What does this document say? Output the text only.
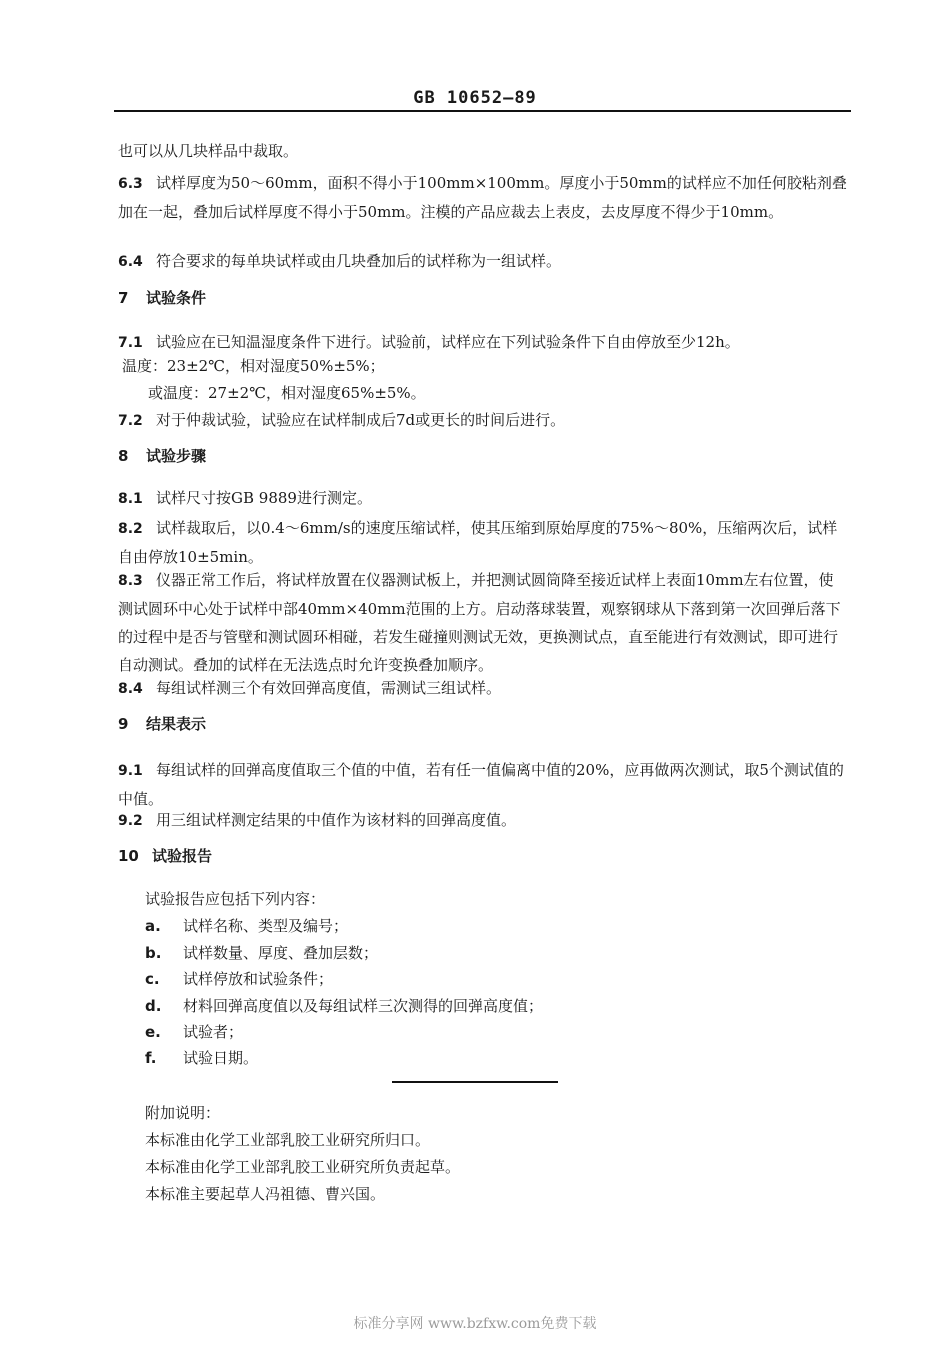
GB 10652—89
也可以从几块样品中裁取。
6.3 试样厚度为50～60mm，面积不得小于100mm×100mm。厚度小于50mm的试样应不加任何胶粘剂叠加在一起，叠加后试样厚度不得小于50mm。注模的产品应裁去上表皮，去皮厚度不得少于10mm。
6.4 符合要求的每单块试样或由几块叠加后的试样称为一组试样。
7 试验条件
7.1 试验应在已知温湿度条件下进行。试验前，试样应在下列试验条件下自由停放至少12h。
温度：23±2℃，相对湿度50%±5%；
或温度：27±2℃，相对湿度65%±5%。
7.2 对于仲裁试验，试验应在试样制成后7d或更长的时间后进行。
8 试验步骤
8.1 试样尺寸按GB 9889进行测定。
8.2 试样裁取后，以0.4～6mm/s的速度压缩试样，使其压缩到原始厚度的75%～80%，压缩两次后，试样自由停放10±5min。
8.3 仪器正常工作后，将试样放置在仪器测试板上，并把测试圆筒降至接近试样上表面10mm左右位置，使测试圆环中心处于试样中部40mm×40mm范围的上方。启动落球装置，观察钢球从下落到第一次回弹后落下的过程中是否与管壁和测试圆环相碰，若发生碰撞则测试无效，更换测试点，直至能进行有效测试，即可进行自动测试。叠加的试样在无法选点时允许变换叠加顺序。
8.4 每组试样测三个有效回弹高度值，需测试三组试样。
9 结果表示
9.1 每组试样的回弹高度值取三个值的中值，若有任一值偏离中值的20%，应再做两次测试，取5个测试值的中值。
9.2 用三组试样测定结果的中值作为该材料的回弹高度值。
10 试验报告
试验报告应包括下列内容：
a. 试样名称、类型及编号；
b. 试样数量、厚度、叠加层数；
c. 试样停放和试验条件；
d. 材料回弹高度值以及每组试样三次测得的回弹高度值；
e. 试验者；
f. 试验日期。
附加说明：
本标准由化学工业部乳胶工业研究所归口。
本标准由化学工业部乳胶工业研究所负责起草。
本标准主要起草人冯祖德、曹兴国。
标准分享网 www.bzfxw.com免费下载
